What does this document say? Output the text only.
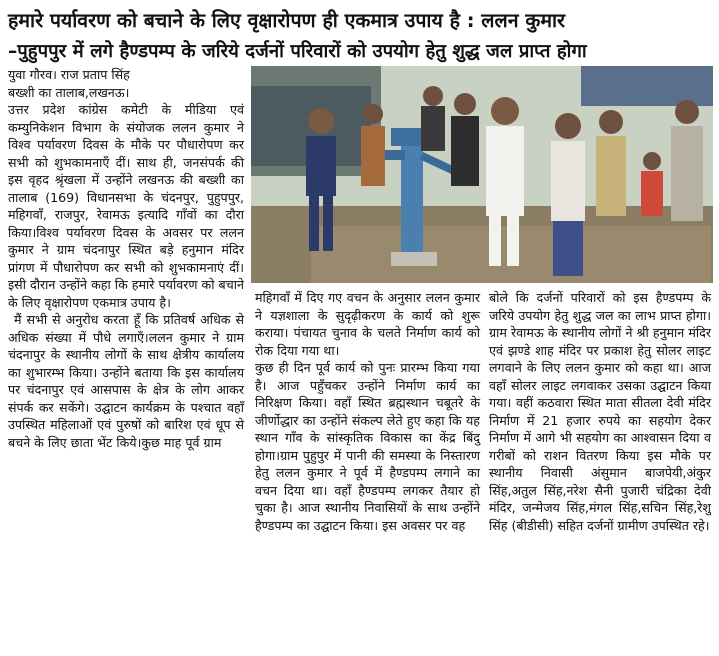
हमारे पर्यावरण को बचाने के लिए वृक्षारोपण ही एकमात्र उपाय है : ललन कुमार
–पुहुपपुर में लगे हैण्डपम्प के जरिये दर्जनों परिवारों को उपयोग हेतु शुद्ध जल प्राप्त होगा

युवा गौरव। राज प्रताप सिंह

बख्शी का तालाब,लखनऊ।

उत्तर प्रदेश कांग्रेस कमेटी के मीडिया एवं कम्युनिकेशन विभाग के संयोजक ललन कुमार ने विश्व पर्यावरण दिवस के मौके पर पौधारोपण कर सभी को शुभकामनाएँ दीं। साथ ही, जनसंपर्क की इस वृहद श्रृंखला में उन्होंने लखनऊ की बख्शी का तालाब (169) विधानसभा के चंदनपुर, पुहुपपुर, महिगवाँ, राजपुर, रेवामऊ इत्यादि गाँवों का दौरा किया।विश्व पर्यावरण दिवस के अवसर पर ललन कुमार ने ग्राम चंदनापुर स्थित बड़े हनुमान मंदिर प्रांगण में पौधारोपण कर सभी को शुभकामनाएं दीं। इसी दौरान उन्होंने कहा कि हमारे पर्यावरण को बचाने के लिए वृक्षारोपण एकमात्र उपाय है।

मैं सभी से अनुरोध करता हूँ कि प्रतिवर्ष अधिक से अधिक संख्या में पौधे लगाएँ।ललन कुमार ने ग्राम चंदनापुर के स्थानीय लोगों के साथ क्षेत्रीय कार्यालय का शुभारम्भ किया। उन्होंने बताया कि इस कार्यालय पर चंदनापुर एवं आसपास के क्षेत्र के लोग आकर संपर्क कर सकेंगे। उद्घाटन कार्यक्रम के पश्चात वहाँ उपस्थित महिलाओं एवं पुरुषों को बारिश एवं धूप से बचने के लिए छाता भेंट किये।कुछ माह पूर्व ग्राम

महिगवाँ में दिए गए वचन के अनुसार ललन कुमार ने यज्ञशाला के सुदृढ़ीकरण के कार्य को शुरू कराया। पंचायत चुनाव के चलते निर्माण कार्य को रोक दिया गया था।

कुछ ही दिन पूर्व कार्य को पुनः प्रारम्भ किया गया है। आज पहुँचकर उन्होंने निर्माण कार्य का निरिक्षण किया। वहाँ स्थित ब्रह्मस्थान चबूतरे के जीर्णोद्धार का उन्होंने संकल्प लेते हुए कहा कि यह स्थान गाँव के सांस्कृतिक विकास का केंद्र बिंदु होगा।ग्राम पुहुपुर में पानी की समस्या के निस्तारण हेतु ललन कुमार ने पूर्व में हैण्डपम्प लगाने का वचन दिया था। वहाँ हैण्डपम्प लगकर तैयार हो चुका है। आज स्थानीय निवासियों के साथ उन्होंने हैण्डपम्प का उद्घाटन किया। इस अवसर पर वह

बोले कि दर्जनों परिवारों को इस हैण्डपम्प के जरिये उपयोग हेतु शुद्ध जल का लाभ प्राप्त होगा।ग्राम रेवामऊ के स्थानीय लोगों ने श्री हनुमान मंदिर एवं झण्डे शाह मंदिर पर प्रकाश हेतु सोलर लाइट लगवाने के लिए ललन कुमार को कहा था। आज वहाँ सोलर लाइट लगवाकर उसका उद्घाटन किया गया। वहीं कठवारा स्थित माता सीतला देवी मंदिर निर्माण में 21 हजार रुपये का सहयोग देकर निर्माण में आगे भी सहयोग का आश्वासन दिया व गरीबों को राशन वितरण किया इस मौके पर स्थानीय निवासी अंसुमान बाजपेयी,अंकुर सिंह,अतुल सिंह,नरेश सैनी पुजारी चंद्रिका देवी मंदिर, जन्मेजय सिंह,मंगल सिंह,सचिन सिंह,रेशु सिंह (बीडीसी) सहित दर्जनों ग्रामीण उपस्थित रहे।
